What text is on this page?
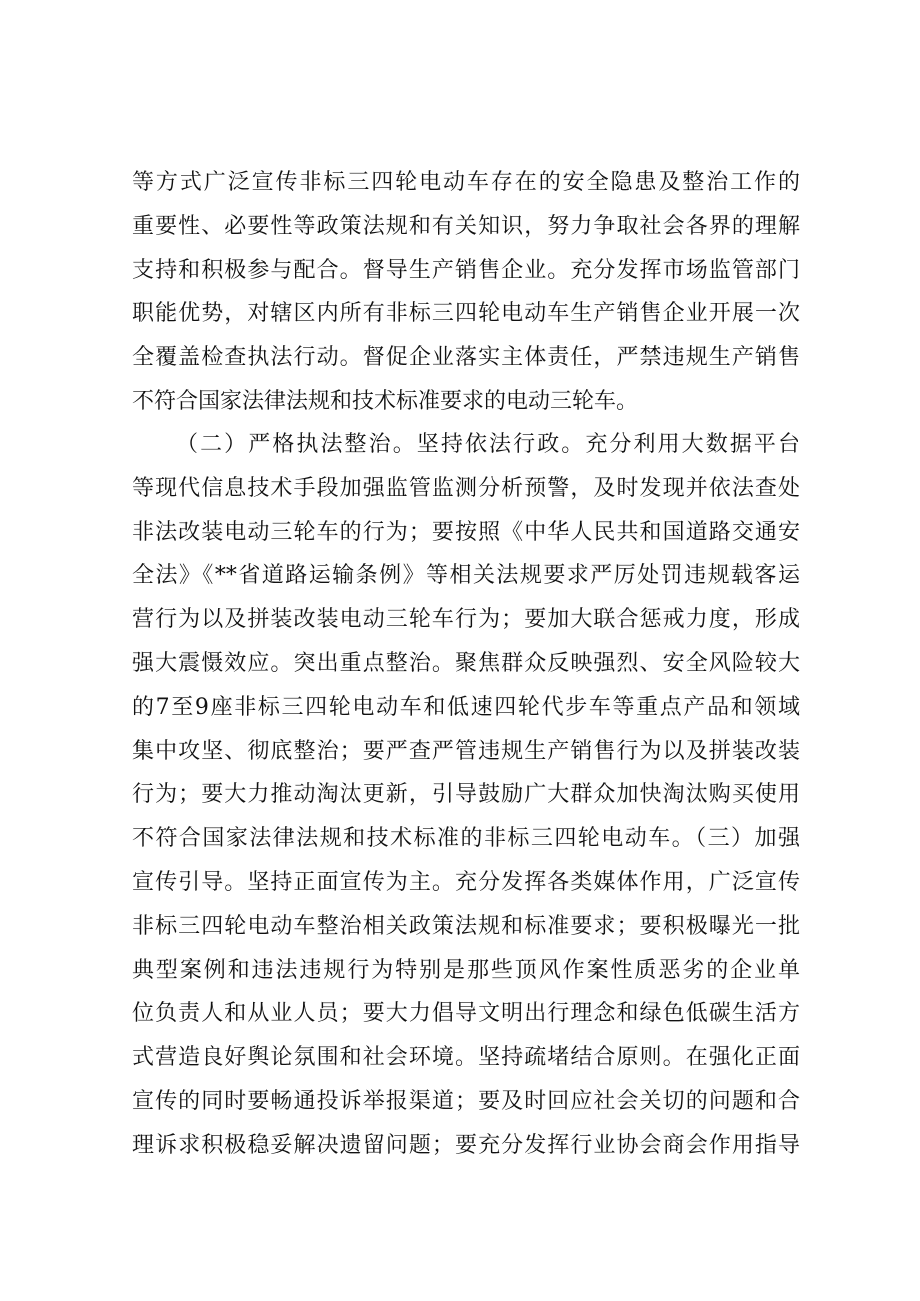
等方式广泛宣传非标三四轮电动车存在的安全隐患及整治工作的
重要性、必要性等政策法规和有关知识，努力争取社会各界的理解
支持和积极参与配合。督导生产销售企业。充分发挥市场监管部门
职能优势，对辖区内所有非标三四轮电动车生产销售企业开展一次
全覆盖检查执法行动。督促企业落实主体责任，严禁违规生产销售
不符合国家法律法规和技术标准要求的电动三轮车。
（二）严格执法整治。坚持依法行政。充分利用大数据平台
等现代信息技术手段加强监管监测分析预警，及时发现并依法查处
非法改装电动三轮车的行为；要按照《中华人民共和国道路交通安
全法》《**省道路运输条例》等相关法规要求严厉处罚违规载客运
营行为以及拼装改装电动三轮车行为；要加大联合惩戒力度，形成
强大震慑效应。突出重点整治。聚焦群众反映强烈、安全风险较大
的7至9座非标三四轮电动车和低速四轮代步车等重点产品和领域
集中攻坚、彻底整治；要严查严管违规生产销售行为以及拼装改装
行为；要大力推动淘汰更新，引导鼓励广大群众加快淘汰购买使用
不符合国家法律法规和技术标准的非标三四轮电动车。（三）加强
宣传引导。坚持正面宣传为主。充分发挥各类媒体作用，广泛宣传
非标三四轮电动车整治相关政策法规和标准要求；要积极曝光一批
典型案例和违法违规行为特别是那些顶风作案性质恶劣的企业单
位负责人和从业人员；要大力倡导文明出行理念和绿色低碳生活方
式营造良好舆论氛围和社会环境。坚持疏堵结合原则。在强化正面
宣传的同时要畅通投诉举报渠道；要及时回应社会关切的问题和合
理诉求积极稳妥解决遗留问题；要充分发挥行业协会商会作用指导
